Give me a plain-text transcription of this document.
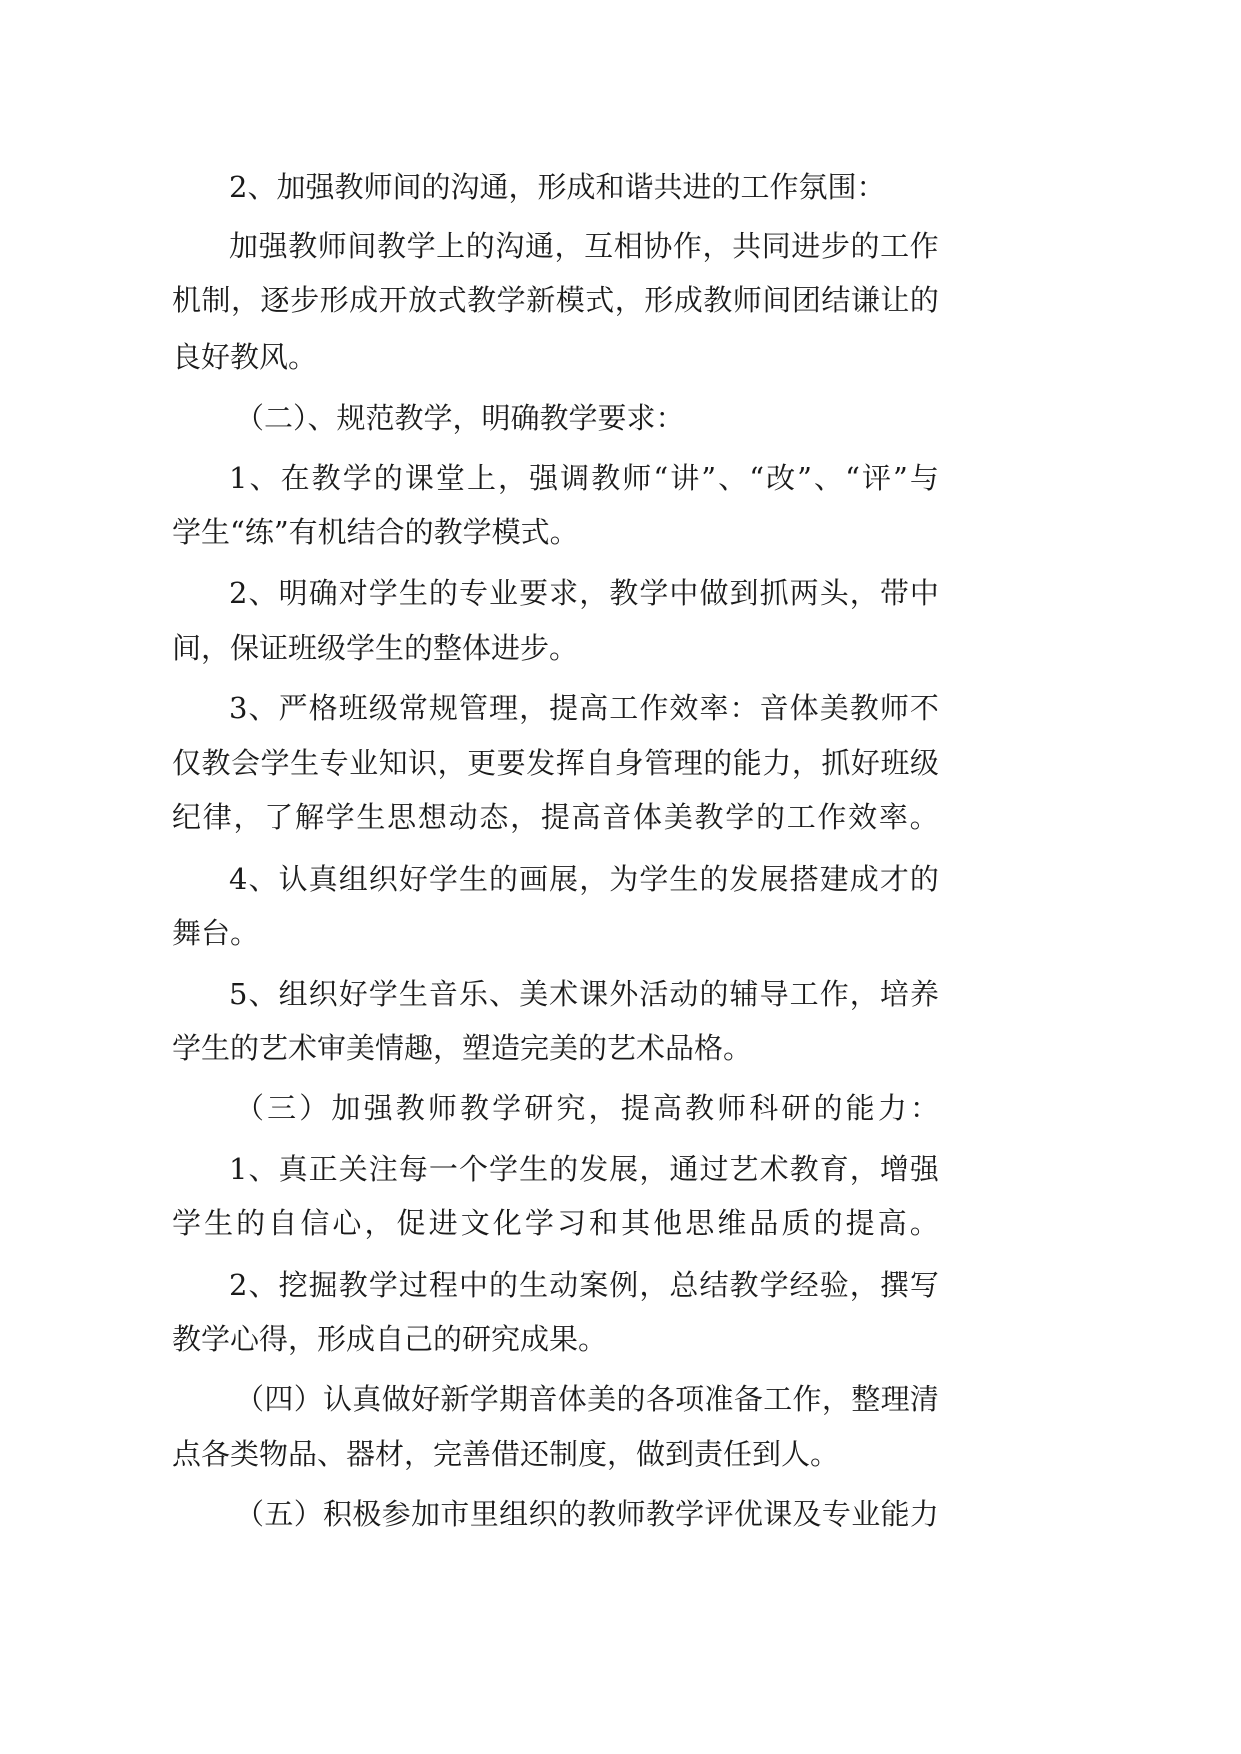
2、加强教师间的沟通，形成和谐共进的工作氛围：

加 强 教 师 间 教 学 上 的 沟 通 ， 互 相 协 作 ， 共 同 进 步 的 工 作

机 制 ， 逐 步 形 成 开 放 式 教 学 新 模 式 ， 形 成 教 师 间 团 结 谦 让 的

良好教风。

（二）、规范教学，明确教学要求：

1 、 在 教 学 的 课 堂 上 ， 强 调 教 师 “ 讲 ” 、 “ 改 ” 、 “ 评 ” 与

学生“练”有机结合的教学模式。

2 、 明 确 对 学 生 的 专 业 要 求 ， 教 学 中 做 到 抓 两 头 ， 带 中

间，保证班级学生的整体进步。

3 、 严 格 班 级 常 规 管 理 ， 提 高 工 作 效 率 ： 音 体 美 教 师 不

仅 教 会 学 生 专 业 知 识 ， 更 要 发 挥 自 身 管 理 的 能 力 ， 抓 好 班 级

纪 律 ， 了 解 学 生 思 想 动 态 ， 提 高 音 体 美 教 学 的 工 作 效 率 。

4 、 认 真 组 织 好 学 生 的 画 展 ， 为 学 生 的 发 展 搭 建 成 才 的

舞台。

5 、 组 织 好 学 生 音 乐 、 美 术 课 外 活 动 的 辅 导 工 作 ， 培 养

学生的艺术审美情趣，塑造完美的艺术品格。

（ 三 ） 加 强 教 师 教 学 研 究 ， 提 高 教 师 科 研 的 能 力 ：

1 、 真 正 关 注 每 一 个 学 生 的 发 展 ， 通 过 艺 术 教 育 ， 增 强

学 生 的 自 信 心 ， 促 进 文 化 学 习 和 其 他 思 维 品 质 的 提 高 。

2 、 挖 掘 教 学 过 程 中 的 生 动 案 例 ， 总 结 教 学 经 验 ， 撰 写

教学心得，形成自己的研究成果。

（ 四 ） 认 真 做 好 新 学 期 音 体 美 的 各 项 准 备 工 作 ， 整 理 清

点各类物品、器材，完善借还制度，做到责任到人。

（ 五 ） 积 极 参 加 市 里 组 织 的 教 师 教 学 评 优 课 及 专 业 能 力
